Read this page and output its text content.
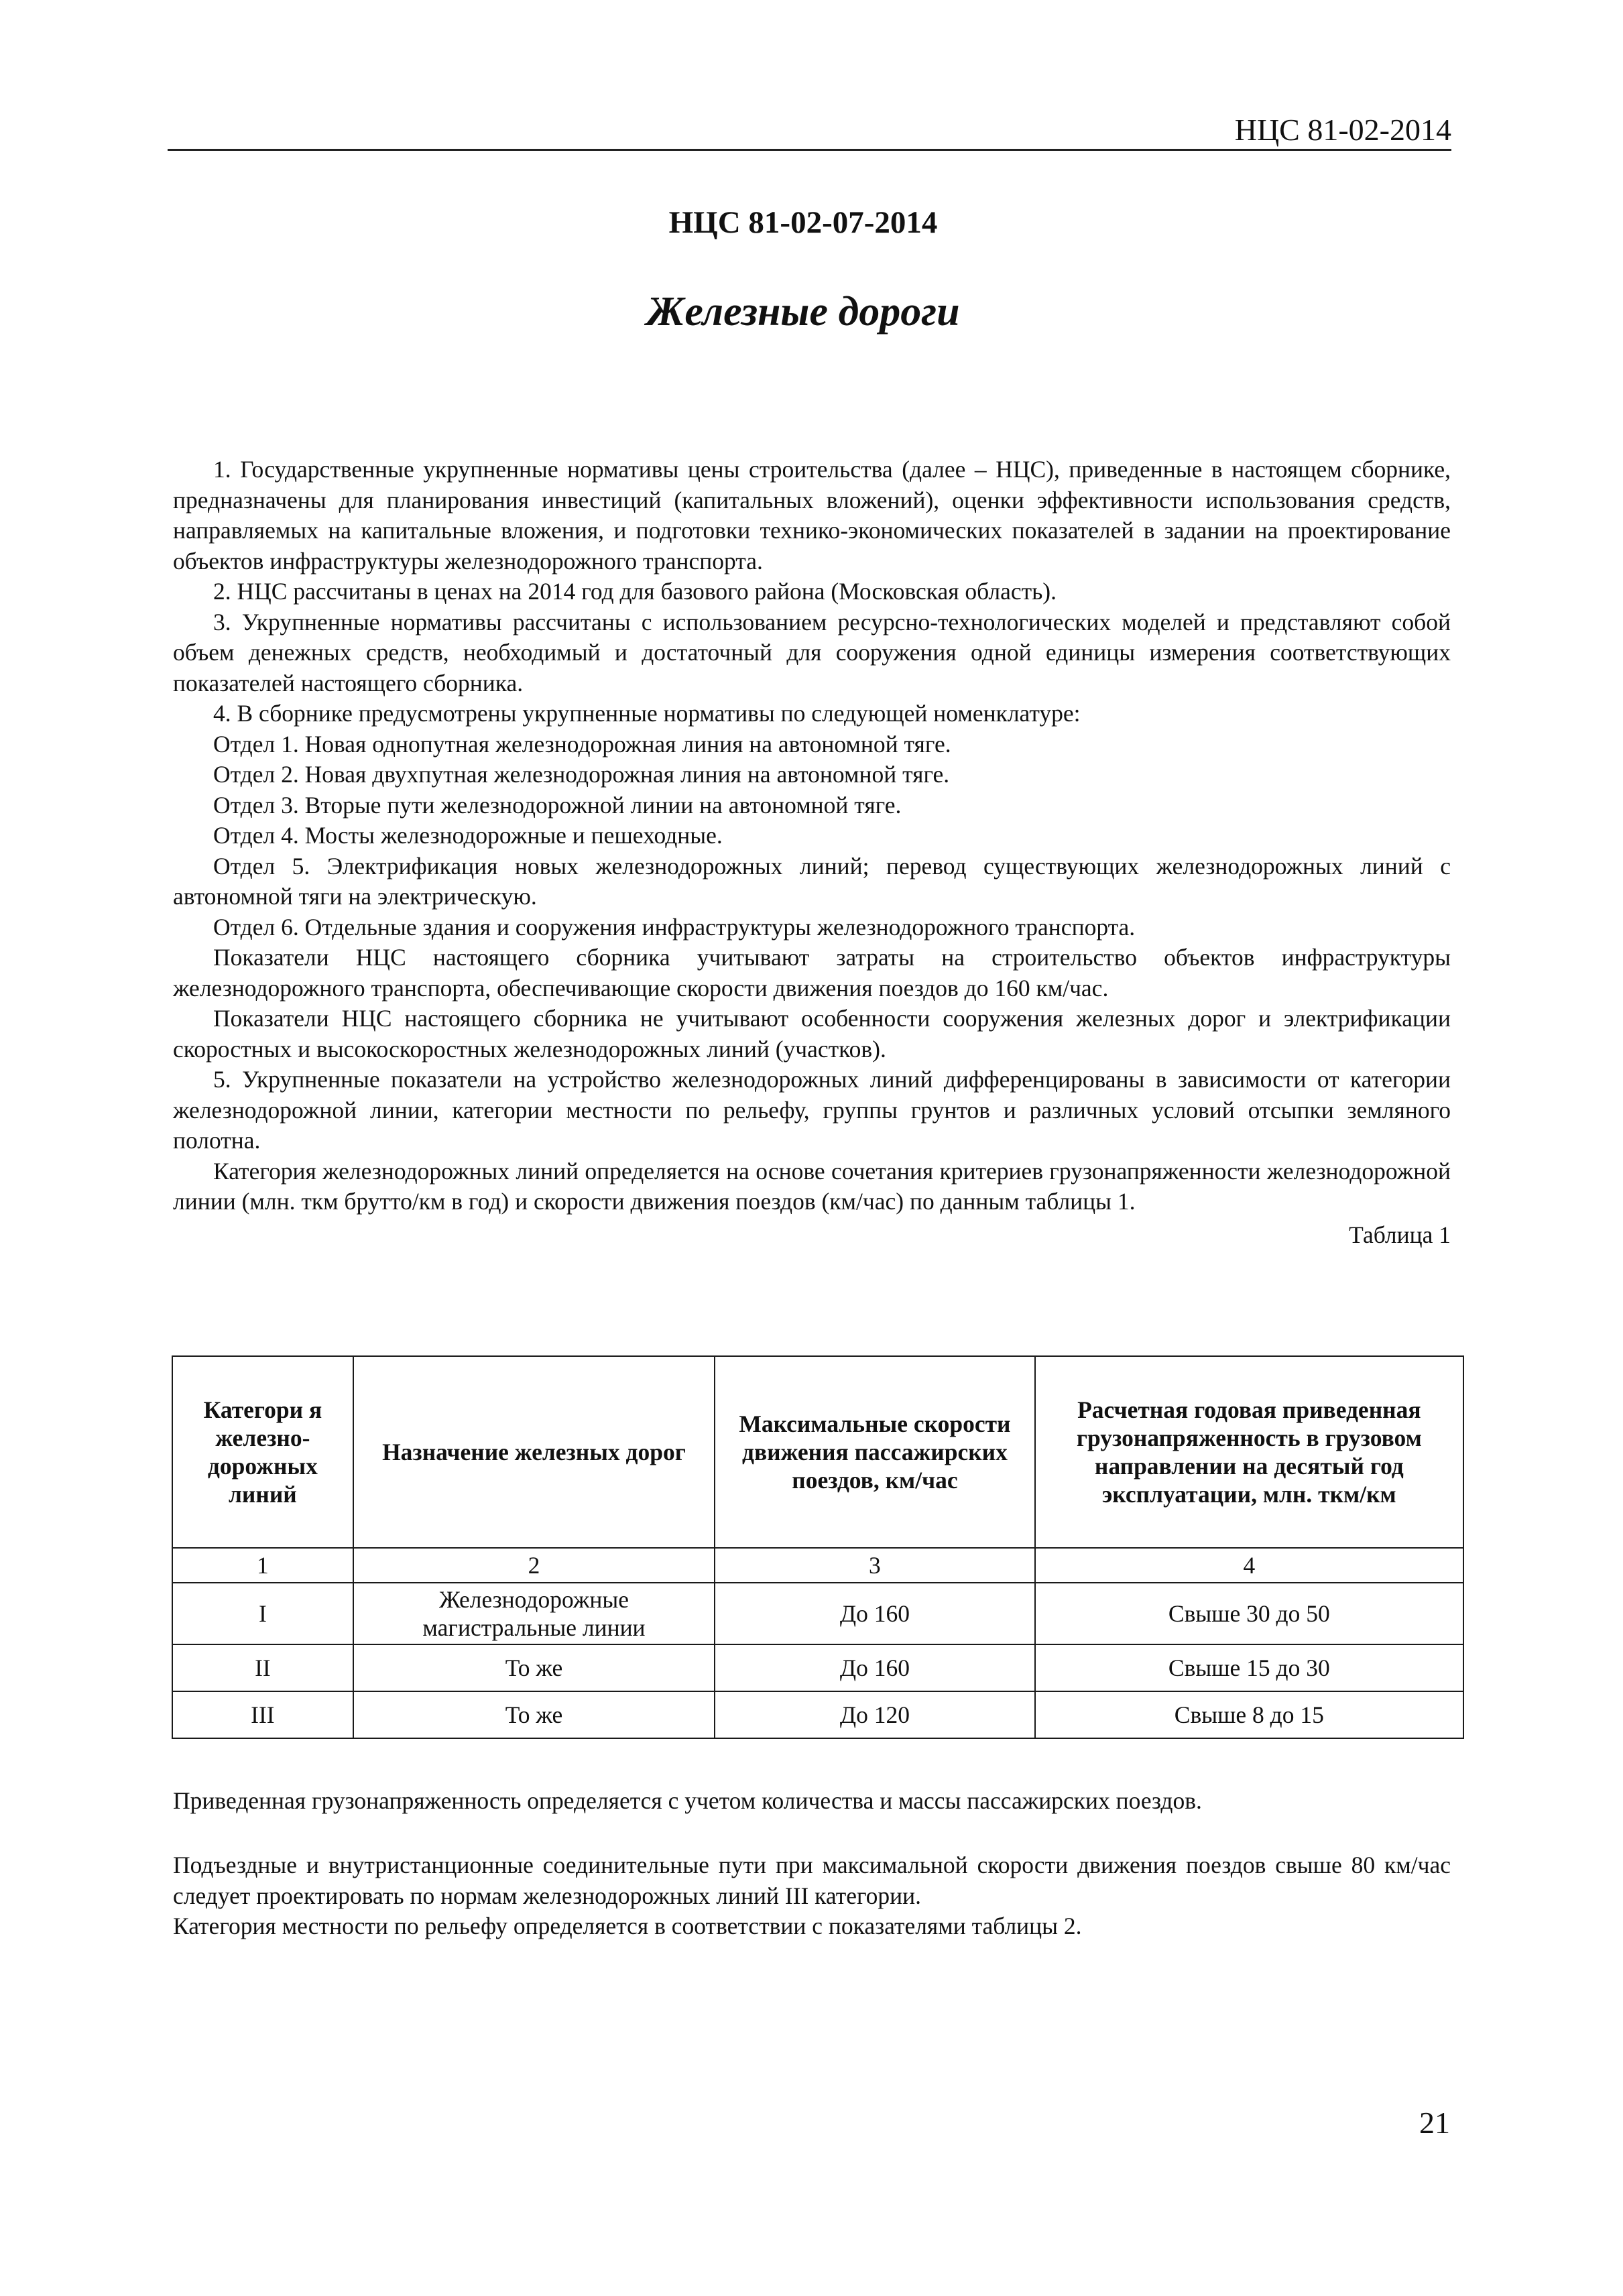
НЦС 81-02-2014
НЦС 81-02-07-2014
Железные дороги

1. Государственные укрупненные нормативы цены строительства (далее – НЦС), приведенные в настоящем сборнике, предназначены для планирования инвестиций (капитальных вложений), оценки эффективности использования средств, направляемых на капитальные вложения, и подготовки технико-экономических показателей в задании на проектирование объектов инфраструктуры железнодорожного транспорта.

2. НЦС рассчитаны в ценах на 2014 год для базового района (Московская область).

3. Укрупненные нормативы рассчитаны с использованием ресурсно-технологических моделей и представляют собой объем денежных средств, необходимый и достаточный для сооружения одной единицы измерения соответствующих показателей настоящего сборника.

4. В сборнике предусмотрены укрупненные нормативы по следующей номенклатуре:

Отдел 1. Новая однопутная железнодорожная линия на автономной тяге.

Отдел 2. Новая двухпутная железнодорожная линия на автономной тяге.

Отдел 3. Вторые пути железнодорожной линии на автономной тяге.

Отдел 4. Мосты железнодорожные и пешеходные.

Отдел 5. Электрификация новых железнодорожных линий; перевод существующих железнодорожных линий с автономной тяги на электрическую.

Отдел 6. Отдельные здания и сооружения инфраструктуры железнодорожного транспорта.

Показатели НЦС настоящего сборника учитывают затраты на строительство объектов инфраструктуры железнодорожного транспорта, обеспечивающие скорости движения поездов до 160 км/час.

Показатели НЦС настоящего сборника не учитывают особенности сооружения железных дорог и электрификации скоростных и высокоскоростных железнодорожных линий (участков).

5. Укрупненные показатели на устройство железнодорожных линий дифференцированы в зависимости от категории железнодорожной линии, категории местности по рельефу, группы грунтов и различных условий отсыпки земляного полотна.

Категория железнодорожных линий определяется на основе сочетания критериев грузонапряженности железнодорожной линии (млн. ткм брутто/км в год) и скорости движения поездов (км/час) по данным таблицы 1.

Таблица 1

Категори я железно-дорожных линий	Назначение железных дорог	Максимальные скорости движения пассажирских поездов, км/час	Расчетная годовая приведенная грузонапряженность в грузовом направлении на десятый год эксплуатации, млн. ткм/км
1	2	3	4
I	Железнодорожные магистральные линии	До 160	Свыше 30 до 50
II	То же	До 160	Свыше 15 до 30
III	То же	До 120	Свыше 8 до 15

Приведенная грузонапряженность определяется с учетом количества и массы пассажирских поездов.

Подъездные и внутристанционные соединительные пути при максимальной скорости движения поездов свыше 80 км/час следует проектировать по нормам железнодорожных линий III категории.

Категория местности по рельефу определяется в соответствии с показателями таблицы 2.

21
